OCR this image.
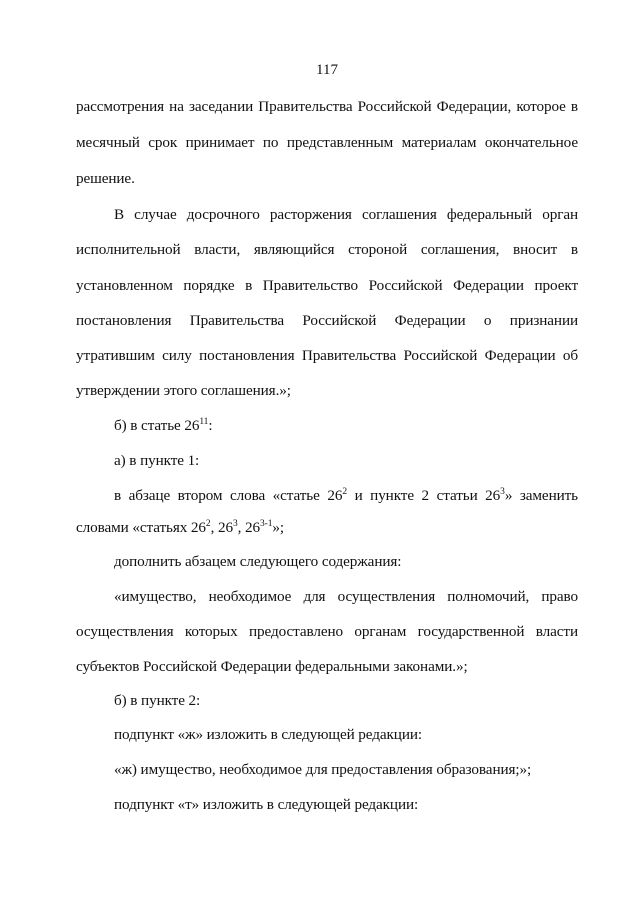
117
рассмотрения на заседании Правительства Российской Федерации, которое в
месячный срок принимает по представленным материалам окончательное
решение.
В случае досрочного расторжения соглашения федеральный орган
исполнительной власти, являющийся стороной соглашения, вносит в
установленном порядке в Правительство Российской Федерации проект
постановления Правительства Российской Федерации о признании
утратившим силу постановления Правительства Российской Федерации об
утверждении этого соглашения.»;
б) в статье $26^{11}$:
а) в пункте 1:
в абзаце втором слова «статье $26^2$ и пункте 2 статьи $26^3$» заменить
словами «статьях $26^2$, $26^3$, 26$^{3-1}$»;
дополнить абзацем следующего содержания:
«имущество, необходимое для осуществления полномочий, право
осуществления которых предоставлено органам государственной власти
субъектов Российской Федерации федеральными законами.»;
б) в пункте 2:
подпункт «ж» изложить в следующей редакции:
«ж) имущество, необходимое для предоставления образования;»;
подпункт «т» изложить в следующей редакции:
